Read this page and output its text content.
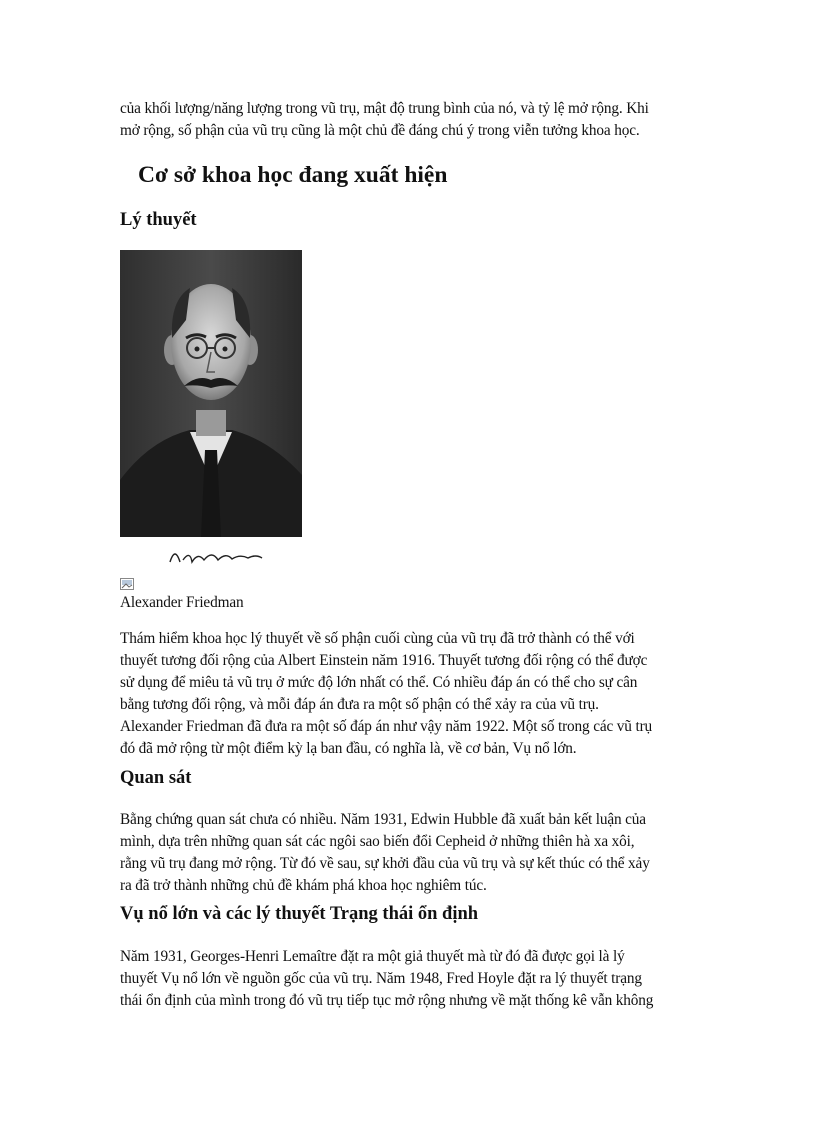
của khối lượng/năng lượng trong vũ trụ, mật độ trung bình của nó, và tỷ lệ mở rộng. Khi

mở rộng, số phận của vũ trụ cũng là một chủ đề đáng chú ý trong viễn tưởng khoa học.

Cơ sở khoa học đang xuất hiện
Lý thuyết

Alexander Friedman

Thám hiểm khoa học lý thuyết về số phận cuối cùng của vũ trụ đã trở thành có thể với

thuyết tương đối rộng của Albert Einstein năm 1916. Thuyết tương đối rộng có thể được

sử dụng để miêu tả vũ trụ ở mức độ lớn nhất có thể. Có nhiều đáp án có thể cho sự cân

bằng tương đối rộng, và mỗi đáp án đưa ra một số phận có thể xảy ra của vũ trụ.

Alexander Friedman đã đưa ra một số đáp án như vậy năm 1922. Một số trong các vũ trụ

đó đã mở rộng từ một điểm kỳ lạ ban đầu, có nghĩa là, về cơ bản, Vụ nổ lớn.

Quan sát

Bằng chứng quan sát chưa có nhiều. Năm 1931, Edwin Hubble đã xuất bản kết luận của

mình, dựa trên những quan sát các ngôi sao biến đổi Cepheid ở những thiên hà xa xôi,

rằng vũ trụ đang mở rộng. Từ đó về sau, sự khởi đầu của vũ trụ và sự kết thúc có thể xảy

ra đã trở thành những chủ đề khám phá khoa học nghiêm túc.

Vụ nổ lớn và các lý thuyết Trạng thái ổn định

Năm 1931, Georges-Henri Lemaître đặt ra một giả thuyết mà từ đó đã được gọi là lý

thuyết Vụ nổ lớn về nguồn gốc của vũ trụ. Năm 1948, Fred Hoyle đặt ra lý thuyết trạng

thái ổn định của mình trong đó vũ trụ tiếp tục mở rộng nhưng về mặt thống kê vẫn không
